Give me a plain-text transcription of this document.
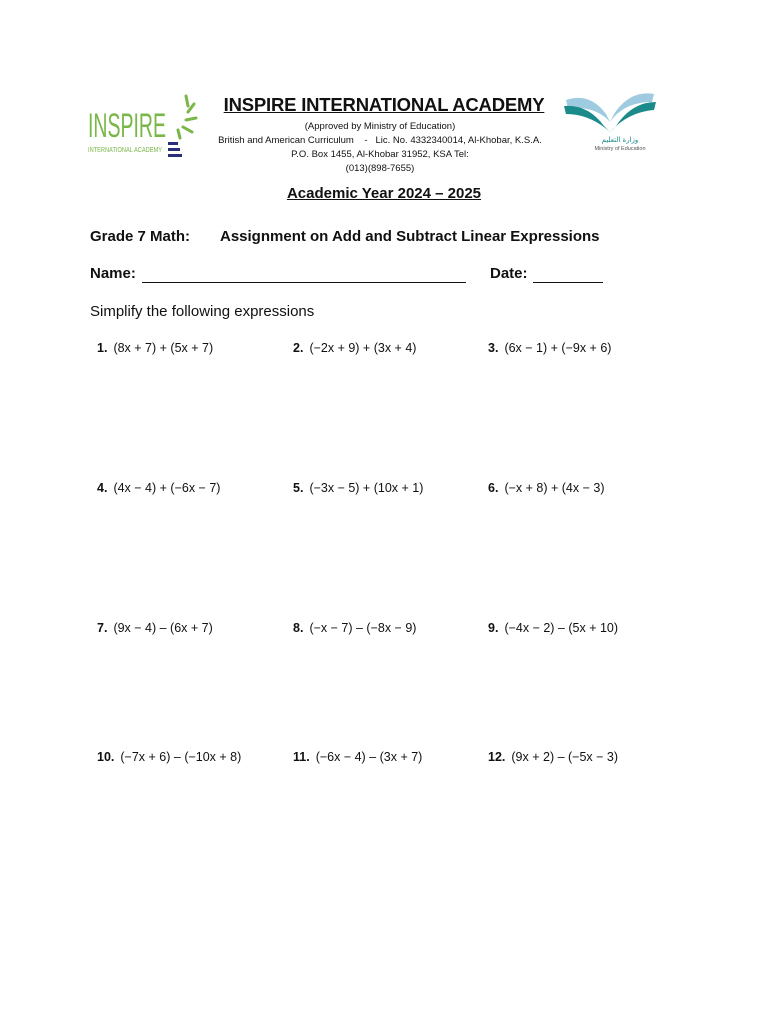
INSPIRE
INTERNATIONAL ACADEMY
وزارة التعليم
Ministry of Education
INSPIRE INTERNATIONAL ACADEMY
(Approved by Ministry of Education)
British and American Curriculum    -   Lic. No. 4332340014, Al-Khobar, K.S.A.
P.O. Box 1455, Al-Khobar 31952, KSA Tel:
(013)(898-7655)
Academic Year 2024 – 2025
Grade 7 Math: Assignment on Add and Subtract Linear Expressions
Name:	Date:
Simplify the following expressions
1. (8x + 7) + (5x + 7)	2. (−2x + 9) + (3x + 4)	3. (6x − 1) + (−9x + 6)
4. (4x − 4) + (−6x − 7)	5. (−3x − 5) + (10x + 1)	6. (−x + 8) + (4x − 3)
7. (9x − 4) – (6x + 7)	8. (−x − 7) – (−8x − 9)	9. (−4x − 2) – (5x + 10)
10. (−7x + 6) – (−10x + 8)	11. (−6x − 4) – (3x + 7)	12. (9x + 2) – (−5x − 3)
